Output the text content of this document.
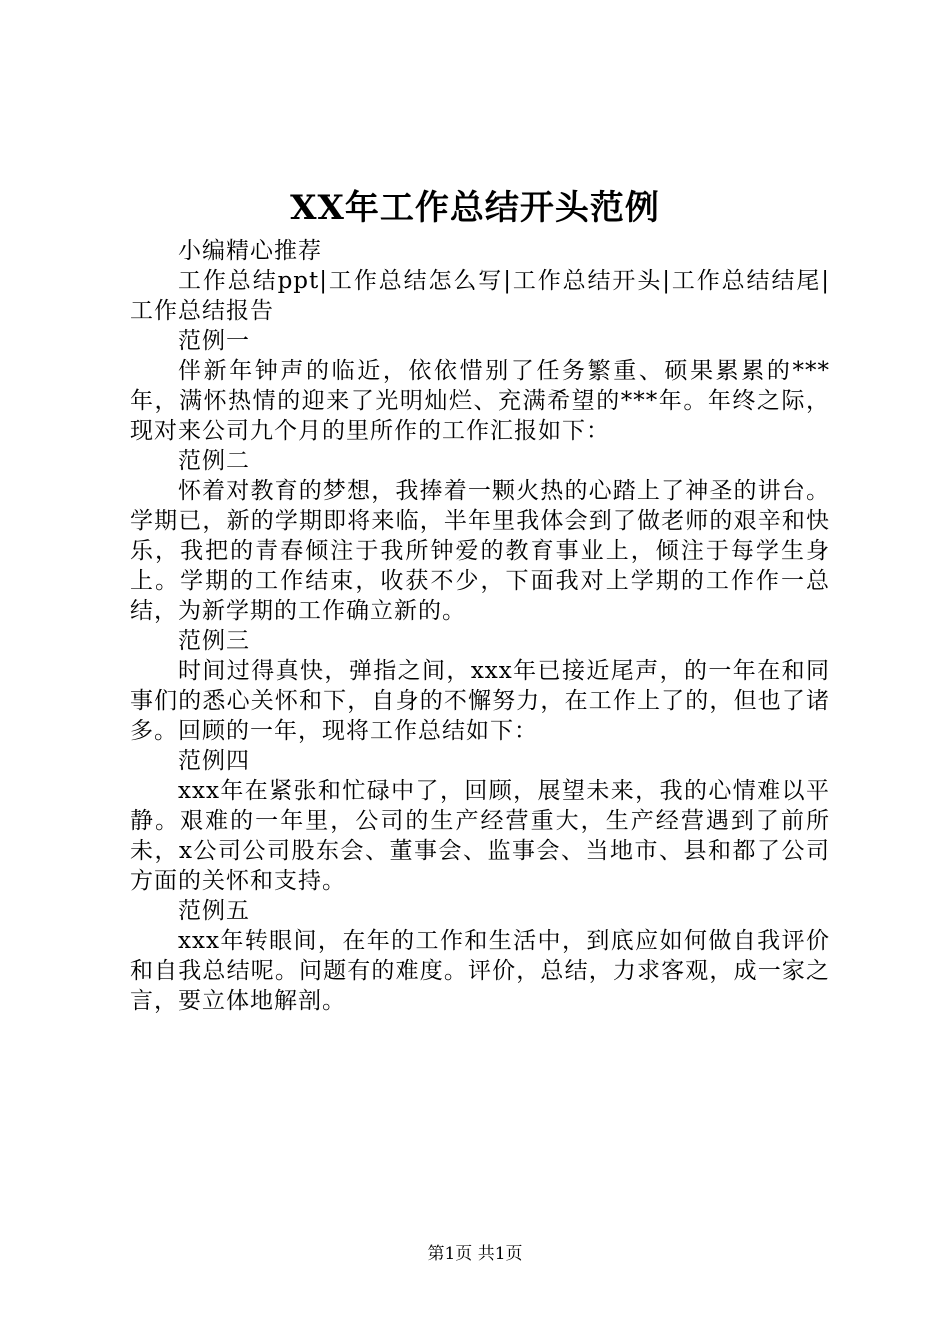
XX年工作总结开头范例

小编精心推荐

工作总结ppt|工作总结怎么写|工作总结开头|工作总结结尾|工作总结报告

范例一

伴新年钟声的临近，依依惜别了任务繁重、硕果累累的***年，满怀热情的迎来了光明灿烂、充满希望的***年。年终之际，现对来公司九个月的里所作的工作汇报如下：

范例二

怀着对教育的梦想，我捧着一颗火热的心踏上了神圣的讲台。学期已，新的学期即将来临，半年里我体会到了做老师的艰辛和快乐，我把的青春倾注于我所钟爱的教育事业上，倾注于每学生身上。学期的工作结束，收获不少，下面我对上学期的工作作一总结，为新学期的工作确立新的。

范例三

时间过得真快，弹指之间，xxx年已接近尾声，的一年在和同事们的悉心关怀和下，自身的不懈努力，在工作上了的，但也了诸多。回顾的一年，现将工作总结如下：

范例四

xxx年在紧张和忙碌中了，回顾，展望未来，我的心情难以平静。艰难的一年里，公司的生产经营重大，生产经营遇到了前所未，x公司公司股东会、董事会、监事会、当地市、县和都了公司方面的关怀和支持。

范例五

xxx年转眼间，在年的工作和生活中，到底应如何做自我评价和自我总结呢。问题有的难度。评价，总结，力求客观，成一家之言，要立体地解剖。

第1页 共1页
